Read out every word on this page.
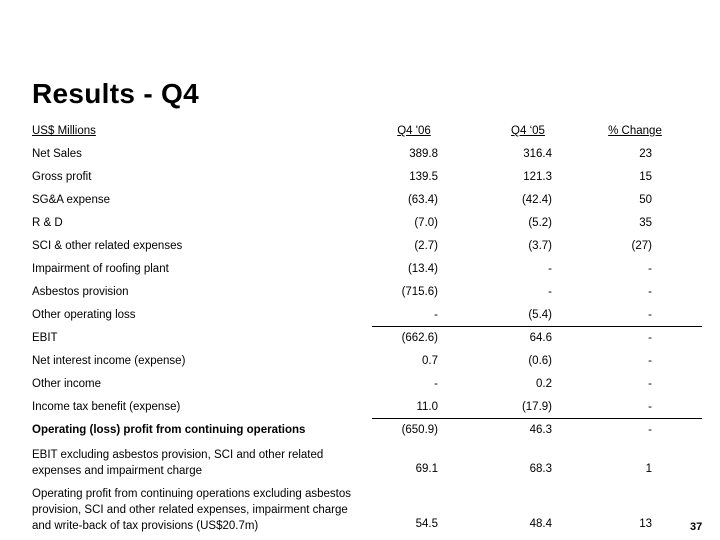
Results - Q4
US$ Millions	Q4 '06	Q4 ‘05	% Change
Net Sales	389.8	316.4	23
Gross profit	139.5	121.3	15
SG&A expense	(63.4)	(42.4)	50
R & D	(7.0)	(5.2)	35
SCI & other related expenses	(2.7)	(3.7)	(27)
Impairment of roofing plant	(13.4)	-	-
Asbestos provision	(715.6)	-	-
Other operating loss	-	(5.4)	-
EBIT	(662.6)	64.6	-
Net interest income (expense)	0.7	(0.6)	-
Other income	-	0.2	-
Income tax benefit (expense)	11.0	(17.9)	-
Operating (loss) profit from continuing operations	(650.9)	46.3	-
EBIT excluding asbestos provision, SCI and other related
expenses and impairment charge	69.1	68.3	1
Operating profit from continuing operations excluding asbestos
provision, SCI and other related expenses, impairment charge
and write-back of tax provisions (US$20.7m)	54.5	48.4	13	37
